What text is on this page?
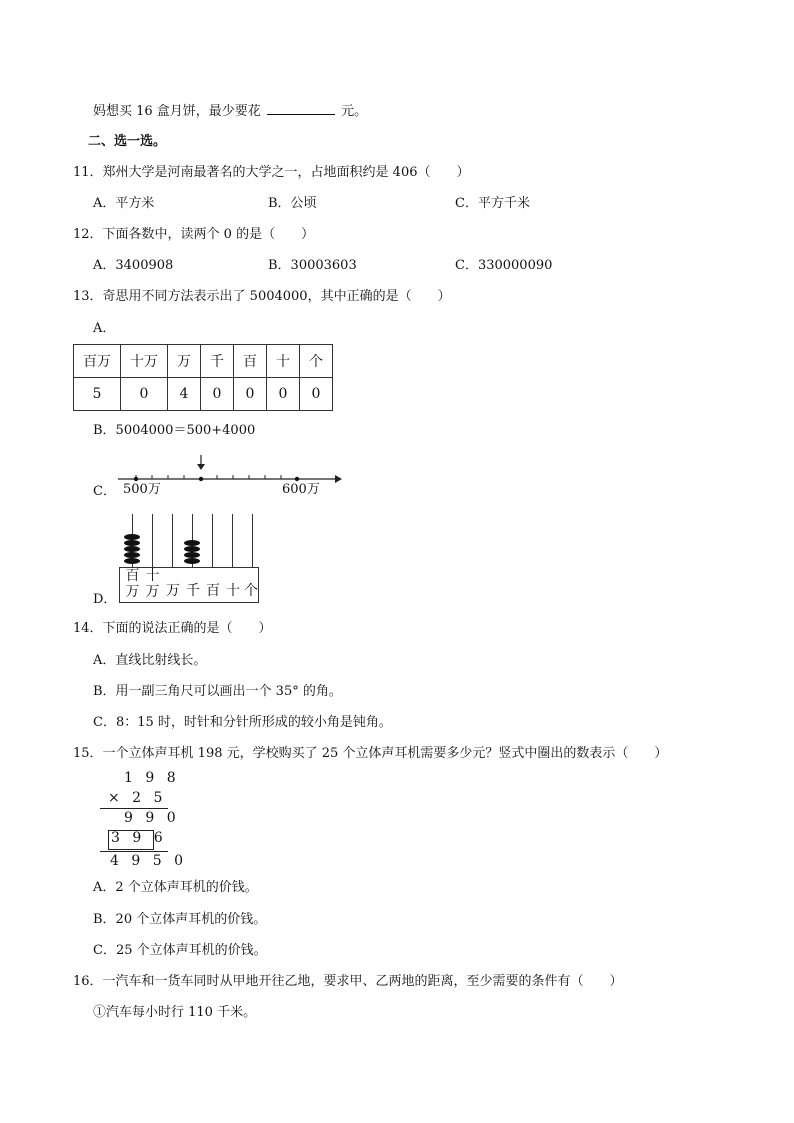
妈想买 16 盒月饼，最少要花	元。
二、选一选。
11．郑州大学是河南最著名的大学之一，占地面积约是 406（　　）
A．平方米	B．公顷	C．平方千米
12．下面各数中，读两个 0 的是（　　）
A．3400908	B．30003603	C．330000090
13．奇思用不同方法表示出了 5004000，其中正确的是（　　）
A．
百万	十万	万	千	百	十	个
5	0	4	0	0	0	0
B．5004000＝500+4000
C． 500万	600万
百
万
十
万 万 千 百 十 个
D．
14．下面的说法正确的是（　　）
A．直线比射线长。
B．用一副三角尺可以画出一个 35° 的角。
C．8：15 时，时针和分针所形成的较小角是钝角。
15．一个立体声耳机 198 元，学校购买了 25 个立体声耳机需要多少元？竖式中圈出的数表示（　　）
1 9 8
× 2 5
9 9 0
3 9 6
4 9 5 0
A．2 个立体声耳机的价钱。
B．20 个立体声耳机的价钱。
C．25 个立体声耳机的价钱。
16．一汽车和一货车同时从甲地开往乙地，要求甲、乙两地的距离，至少需要的条件有（　　）
①汽车每小时行 110 千米。
